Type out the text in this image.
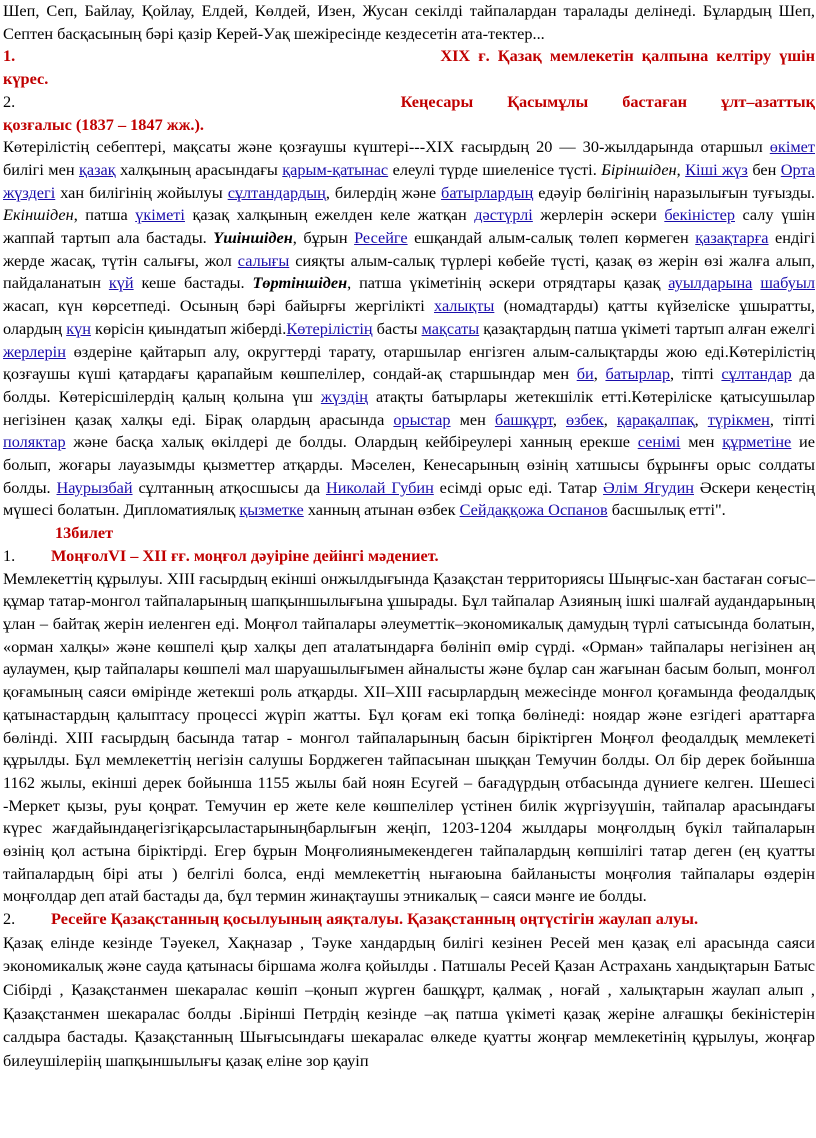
Шеп, Сеп, Байлау, Қойлау, Елдей, Көлдей, Изен, Жусан секілді тайпалардан таралады делінеді. Бұлардың Шеп, Септен басқасының бәрі қазір Керей-Уақ шежіресінде кездесетін ата-тектер...

1.	XIX ғ. Қазақ мемлекетін қалпына келтіру үшін

күрес.

2.	Кеңесары Қасымұлы бастаған ұлт–азаттық

қозғалыс (1837 – 1847 жж.).

Көтерілістің себептері, мақсаты және қозғаушы күштері---XIX ғасырдың 20 — 30-жылдарында отаршыл өкімет билігі мен қазақ халқының арасындағы қарым-қатынас елеулі түрде шиеленісе түсті. Біріншіден, Кіші жүз бен Орта жүздегі хан билігінің жойылуы сұлтандардың, билердің және батырлардың едәуір бөлігінің наразылығын туғызды. Екіншіден, патша үкіметі қазақ халқының ежелден келе жатқан дәстүрлі жерлерін әскери бекіністер салу үшін жаппай тартып ала бастады. Үшіншіден, бұрын Ресейге ешқандай алым-салық төлеп көрмеген қазақтарға ендігі жерде жасақ, түтін салығы, жол салығы сияқты алым-салық түрлері көбейе түсті, қазақ өз жерін өзі жалға алып, пайдаланатын күй кеше бастады. Төртіншіден, патша үкіметінің әскери отрядтары қазақ ауылдарына шабуыл жасап, күн көрсетпеді. Осының бәрі байырғы жергілікті халықты (номадтарды) қатты күйзеліске ұшыратты, олардың күн көрісін қиындатып жіберді.Көтерілістің басты мақсаты қазақтардың патша үкіметі тартып алған ежелгі жерлерін өздеріне қайтарып алу, округтерді тарату, отаршылар енгізген алым-салықтарды жою еді.Көтерілістің қозғаушы күші қатардағы қарапайым көшпелілер, сондай-ақ старшындар мен би, батырлар, тіпті сұлтандар да болды. Көтерісшілердің қалың қолына үш жүздің атақты батырлары жетекшілік етті.Көтеріліске қатысушылар негізінен қазақ халқы еді. Бірақ олардың арасында орыстар мен башқұрт, өзбек, қарақалпақ, түрікмен, тіпті поляктар және басқа халық өкілдері де болды. Олардың кейбіреулері ханның ерекше сенімі мен құрметіне ие болып, жоғары лауазымды қызметтер атқарды. Мәселен, Кенесарының өзінің хатшысы бұрынғы орыс солдаты болды. Наурызбай сұлтанның атқосшысы да Николай Губин есімді орыс еді. Татар Әлім Ягудин Әскери кеңестің мүшесі болатын. Дипломатиялық қызметке ханның атынан өзбек Сейдаққожа Оспанов басшылық етті".

13билет

1. МоңғолVI – XII ғғ. моңғол дәуіріне дейінгі мәдениет.

Мемлекеттің құрылуы. XIII ғасырдың екінші онжылдығында Қазақстан территориясы Шыңғыс-хан бастаған соғыс–құмар татар-монгол тайпаларының шапқыншылығына ұшырады. Бұл тайпалар Азияның ішкі шалғай аудандарының ұлан – байтақ жерін иеленген еді. Моңғол тайпалары әлеуметтік–экономикалық дамудың түрлі сатысында болатын, «орман халқы» және көшпелі қыр халқы деп аталатындарға бөлініп өмір сүрді. «Орман» тайпалары негізінен аң аулаумен, қыр тайпалары көшпелі мал шаруашылығымен айналысты және бұлар сан жағынан басым болып, монғол қоғамының саяси өмірінде жетекші роль атқарды. XII–XIII ғасырлардың межесінде монғол қоғамында феодалдық қатынастардың қалыптасу процессі жүріп жатты. Бұл қоғам екі топқа бөлінеді: ноядар және езгідегі араттарға бөлінді. XIII ғасырдың басында татар - монгол тайпаларының басын біріктірген Моңғол феодалдық мемлекеті құрылды. Бұл мемлекеттің негізін салушы Борджеген тайпасынан шыққан Темучин болды. Ол бір дерек бойынша 1162 жылы, екінші дерек бойынша 1155 жылы бай ноян Есугей – бағадүрдың отбасында дүниеге келген. Шешесі -Меркет қызы, руы қоңрат. Темучин ер жете келе көшпелілер үстінен билік жүргізуүшін, тайпалар арасындағы күрес жағдайындаңегізгіқарсыластарыныңбарлығын жеңіп, 1203-1204 жылдары моңғолдың бүкіл тайпаларын өзінің қол астына біріктірді. Егер бұрын Моңғолиянымекендеген тайпалардың көпшілігі татар деген (ең қуатты тайпалардың бірі аты ) белгілі болса, енді мемлекеттің нығаюына байланысты моңғолия тайпалары өздерін моңғолдар деп атай бастады да, бұл термин жинақтаушы этникалық – саяси мәнге ие болды.

2. Ресейге Қазақстанның қосылуының аяқталуы. Қазақстанның оңтүстігін жаулап алуы.

Қазақ елінде кезінде Тәуекел, Хақназар , Тәуке хандардың билігі кезінен Ресей мен қазақ елі арасында саяси экономикалық және сауда қатынасы біршама жолға қойылды . Патшалы Ресей Қазан Астрахань хандықтарын Батыс Сібірді , Қазақстанмен шекаралас көшіп –қонып жүрген башқұрт, қалмақ , ноғай , халықтарын жаулап алып , Қазақстанмен шекаралас болды .Бірінші Петрдің кезінде –ақ патша үкіметі қазақ жеріне алғашқы бекіністерін салдыра бастады. Қазақстанның Шығысындағы шекаралас өлкеде қуатты жоңғар мемлекетінің құрылуы, жоңғар билеушілеріің шапқыншылығы қазақ еліне зор қауіп
